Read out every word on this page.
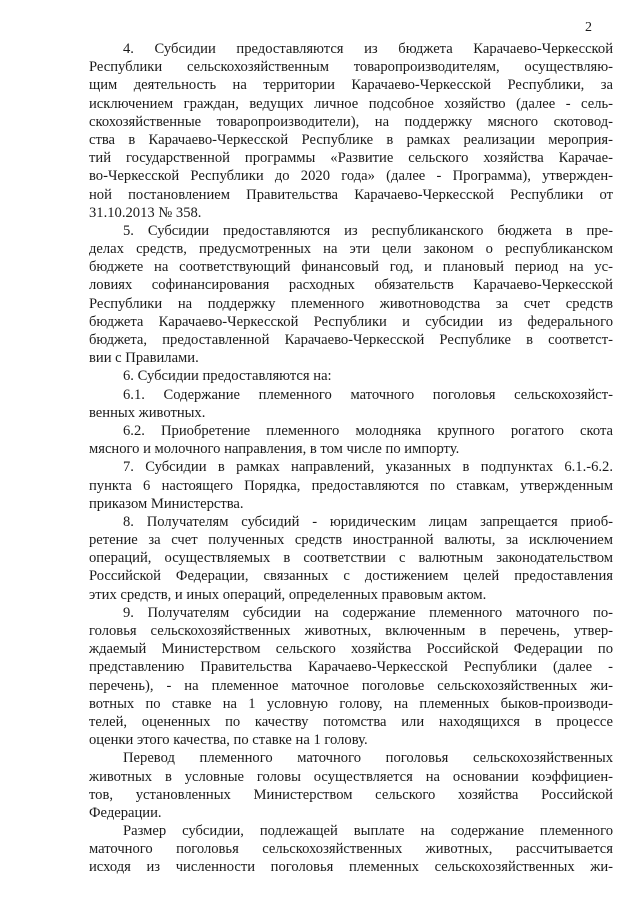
2
4. Субсидии предоставляются из бюджета Карачаево-Черкесской
Республики сельскохозяйственным товаропроизводителям, осуществляю-
щим деятельность на территории Карачаево-Черкесской Республики, за
исключением граждан, ведущих личное подсобное хозяйство (далее - сель-
скохозяйственные товаропроизводители), на поддержку мясного скотовод-
ства в Карачаево-Черкесской Республике в рамках реализации мероприя-
тий государственной программы «Развитие сельского хозяйства Карачае-
во-Черкесской Республики до 2020 года» (далее - Программа), утвержден-
ной постановлением Правительства Карачаево-Черкесской Республики от
31.10.2013 № 358.
5. Субсидии предоставляются из республиканского бюджета в пре-
делах средств, предусмотренных на эти цели законом о республиканском
бюджете на соответствующий финансовый год, и плановый период на ус-
ловиях софинансирования расходных обязательств Карачаево-Черкесской
Республики на поддержку племенного животноводства за счет средств
бюджета Карачаево-Черкесской Республики и субсидии из федерального
бюджета, предоставленной Карачаево-Черкесской Республике в соответст-
вии с Правилами.
6. Субсидии предоставляются на:
6.1. Содержание племенного маточного поголовья сельскохозяйст-
венных животных.
6.2. Приобретение племенного молодняка крупного рогатого скота
мясного и молочного направления, в том числе по импорту.
7. Субсидии в рамках направлений, указанных в подпунктах 6.1.-6.2.
пункта 6 настоящего Порядка, предоставляются по ставкам, утвержденным
приказом Министерства.
8. Получателям субсидий - юридическим лицам запрещается приоб-
ретение за счет полученных средств иностранной валюты, за исключением
операций, осуществляемых в соответствии с валютным законодательством
Российской Федерации, связанных с достижением целей предоставления
этих средств, и иных операций, определенных правовым актом.
9. Получателям субсидии на содержание племенного маточного по-
головья сельскохозяйственных животных, включенным в перечень, утвер-
ждаемый Министерством сельского хозяйства Российской Федерации по
представлению Правительства Карачаево-Черкесской Республики (далее -
перечень), - на племенное маточное поголовье сельскохозяйственных жи-
вотных по ставке на 1 условную голову, на племенных быков-производи-
телей, оцененных по качеству потомства или находящихся в процессе
оценки этого качества, по ставке на 1 голову.
Перевод племенного маточного поголовья сельскохозяйственных
животных в условные головы осуществляется на основании коэффициен-
тов, установленных Министерством сельского хозяйства Российской
Федерации.
Размер субсидии, подлежащей выплате на содержание племенного
маточного поголовья сельскохозяйственных животных, рассчитывается
исходя из численности поголовья племенных сельскохозяйственных жи-
